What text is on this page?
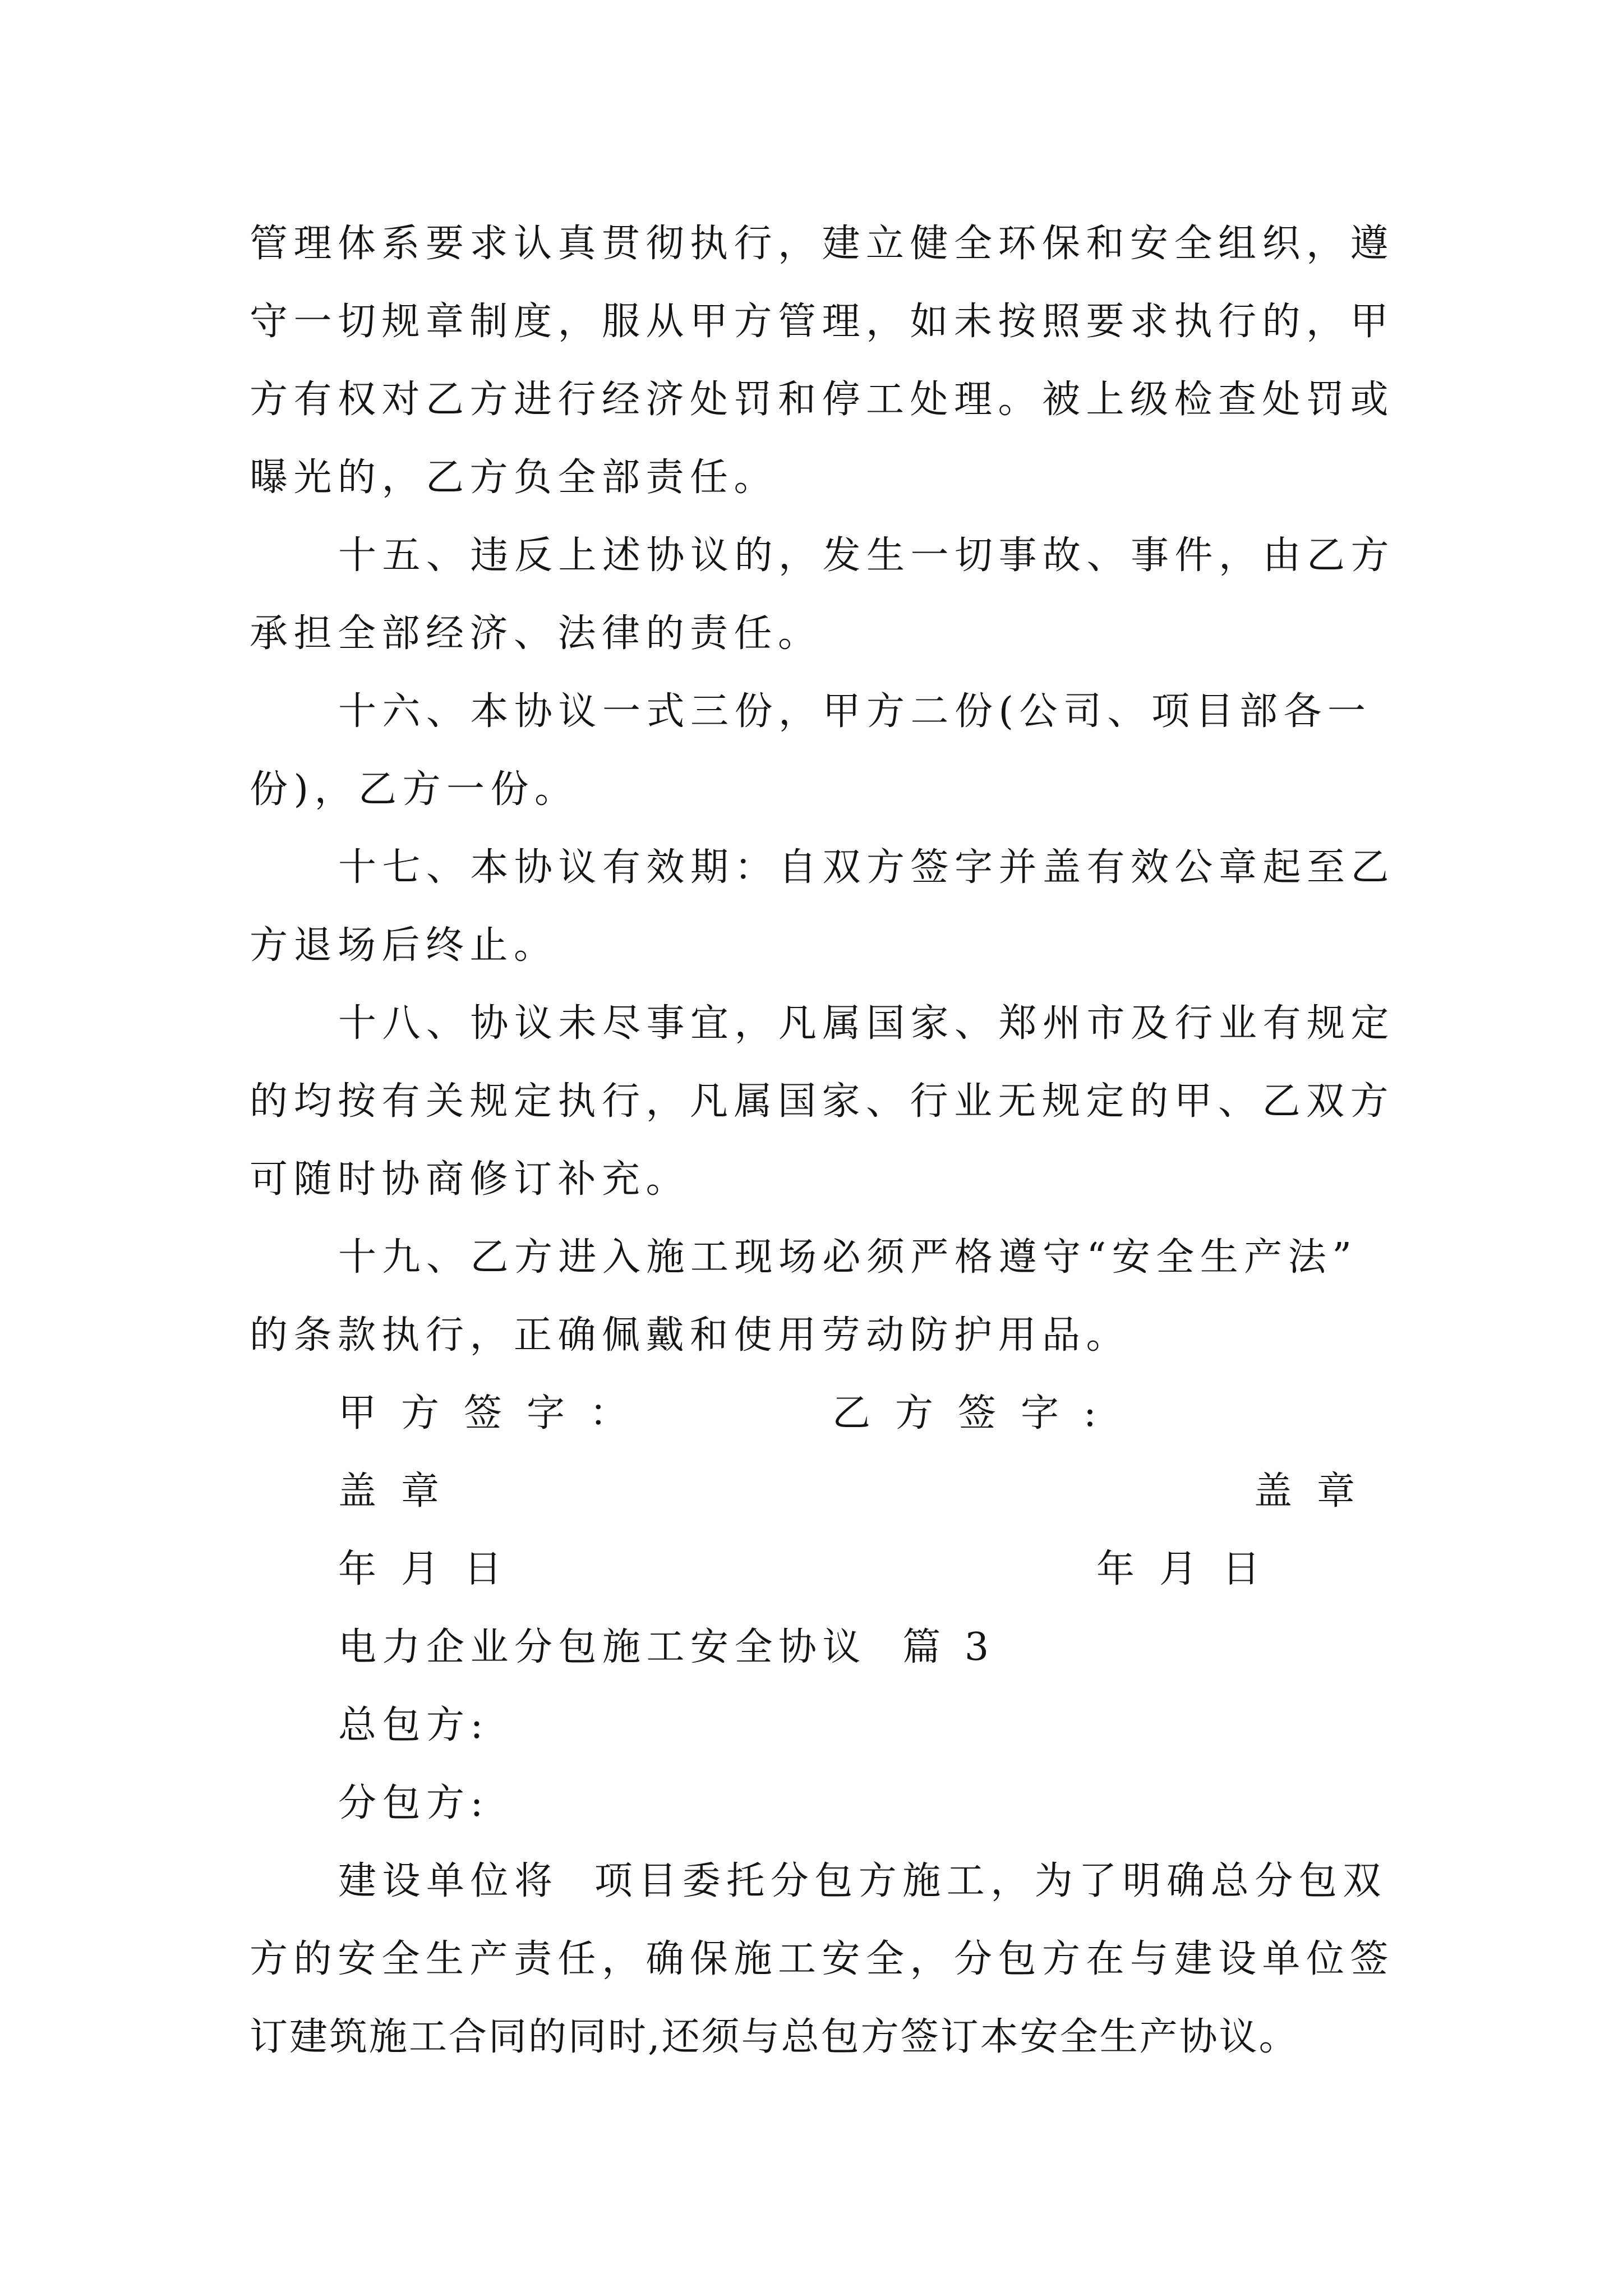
管理体系要求认真贯彻执行，建立健全环保和安全组织，遵
守一切规章制度，服从甲方管理，如未按照要求执行的，甲
方有权对乙方进行经济处罚和停工处理。被上级检查处罚或
曝光的，乙方负全部责任。
十五、违反上述协议的，发生一切事故、事件，由乙方
承担全部经济、法律的责任。
十六、本协议一式三份，甲方二份(公司、项目部各一
份)，乙方一份。
十七、本协议有效期：自双方签字并盖有效公章起至乙
方退场后终止。
十八、协议未尽事宜，凡属国家、郑州市及行业有规定
的均按有关规定执行，凡属国家、行业无规定的甲、乙双方
可随时协商修订补充。
十九、乙方进入施工现场必须严格遵守“安全生产法”
的条款执行，正确佩戴和使用劳动防护用品。
甲方签字：	乙方签字:
盖章	盖章
年月日	年月日
电力企业分包施工安全协议  篇 3
总包方:
分包方:
建设单位将  项目委托分包方施工，为了明确总分包双
方的安全生产责任，确保施工安全，分包方在与建设单位签
订建筑施工合同的同时,还须与总包方签订本安全生产协议。
